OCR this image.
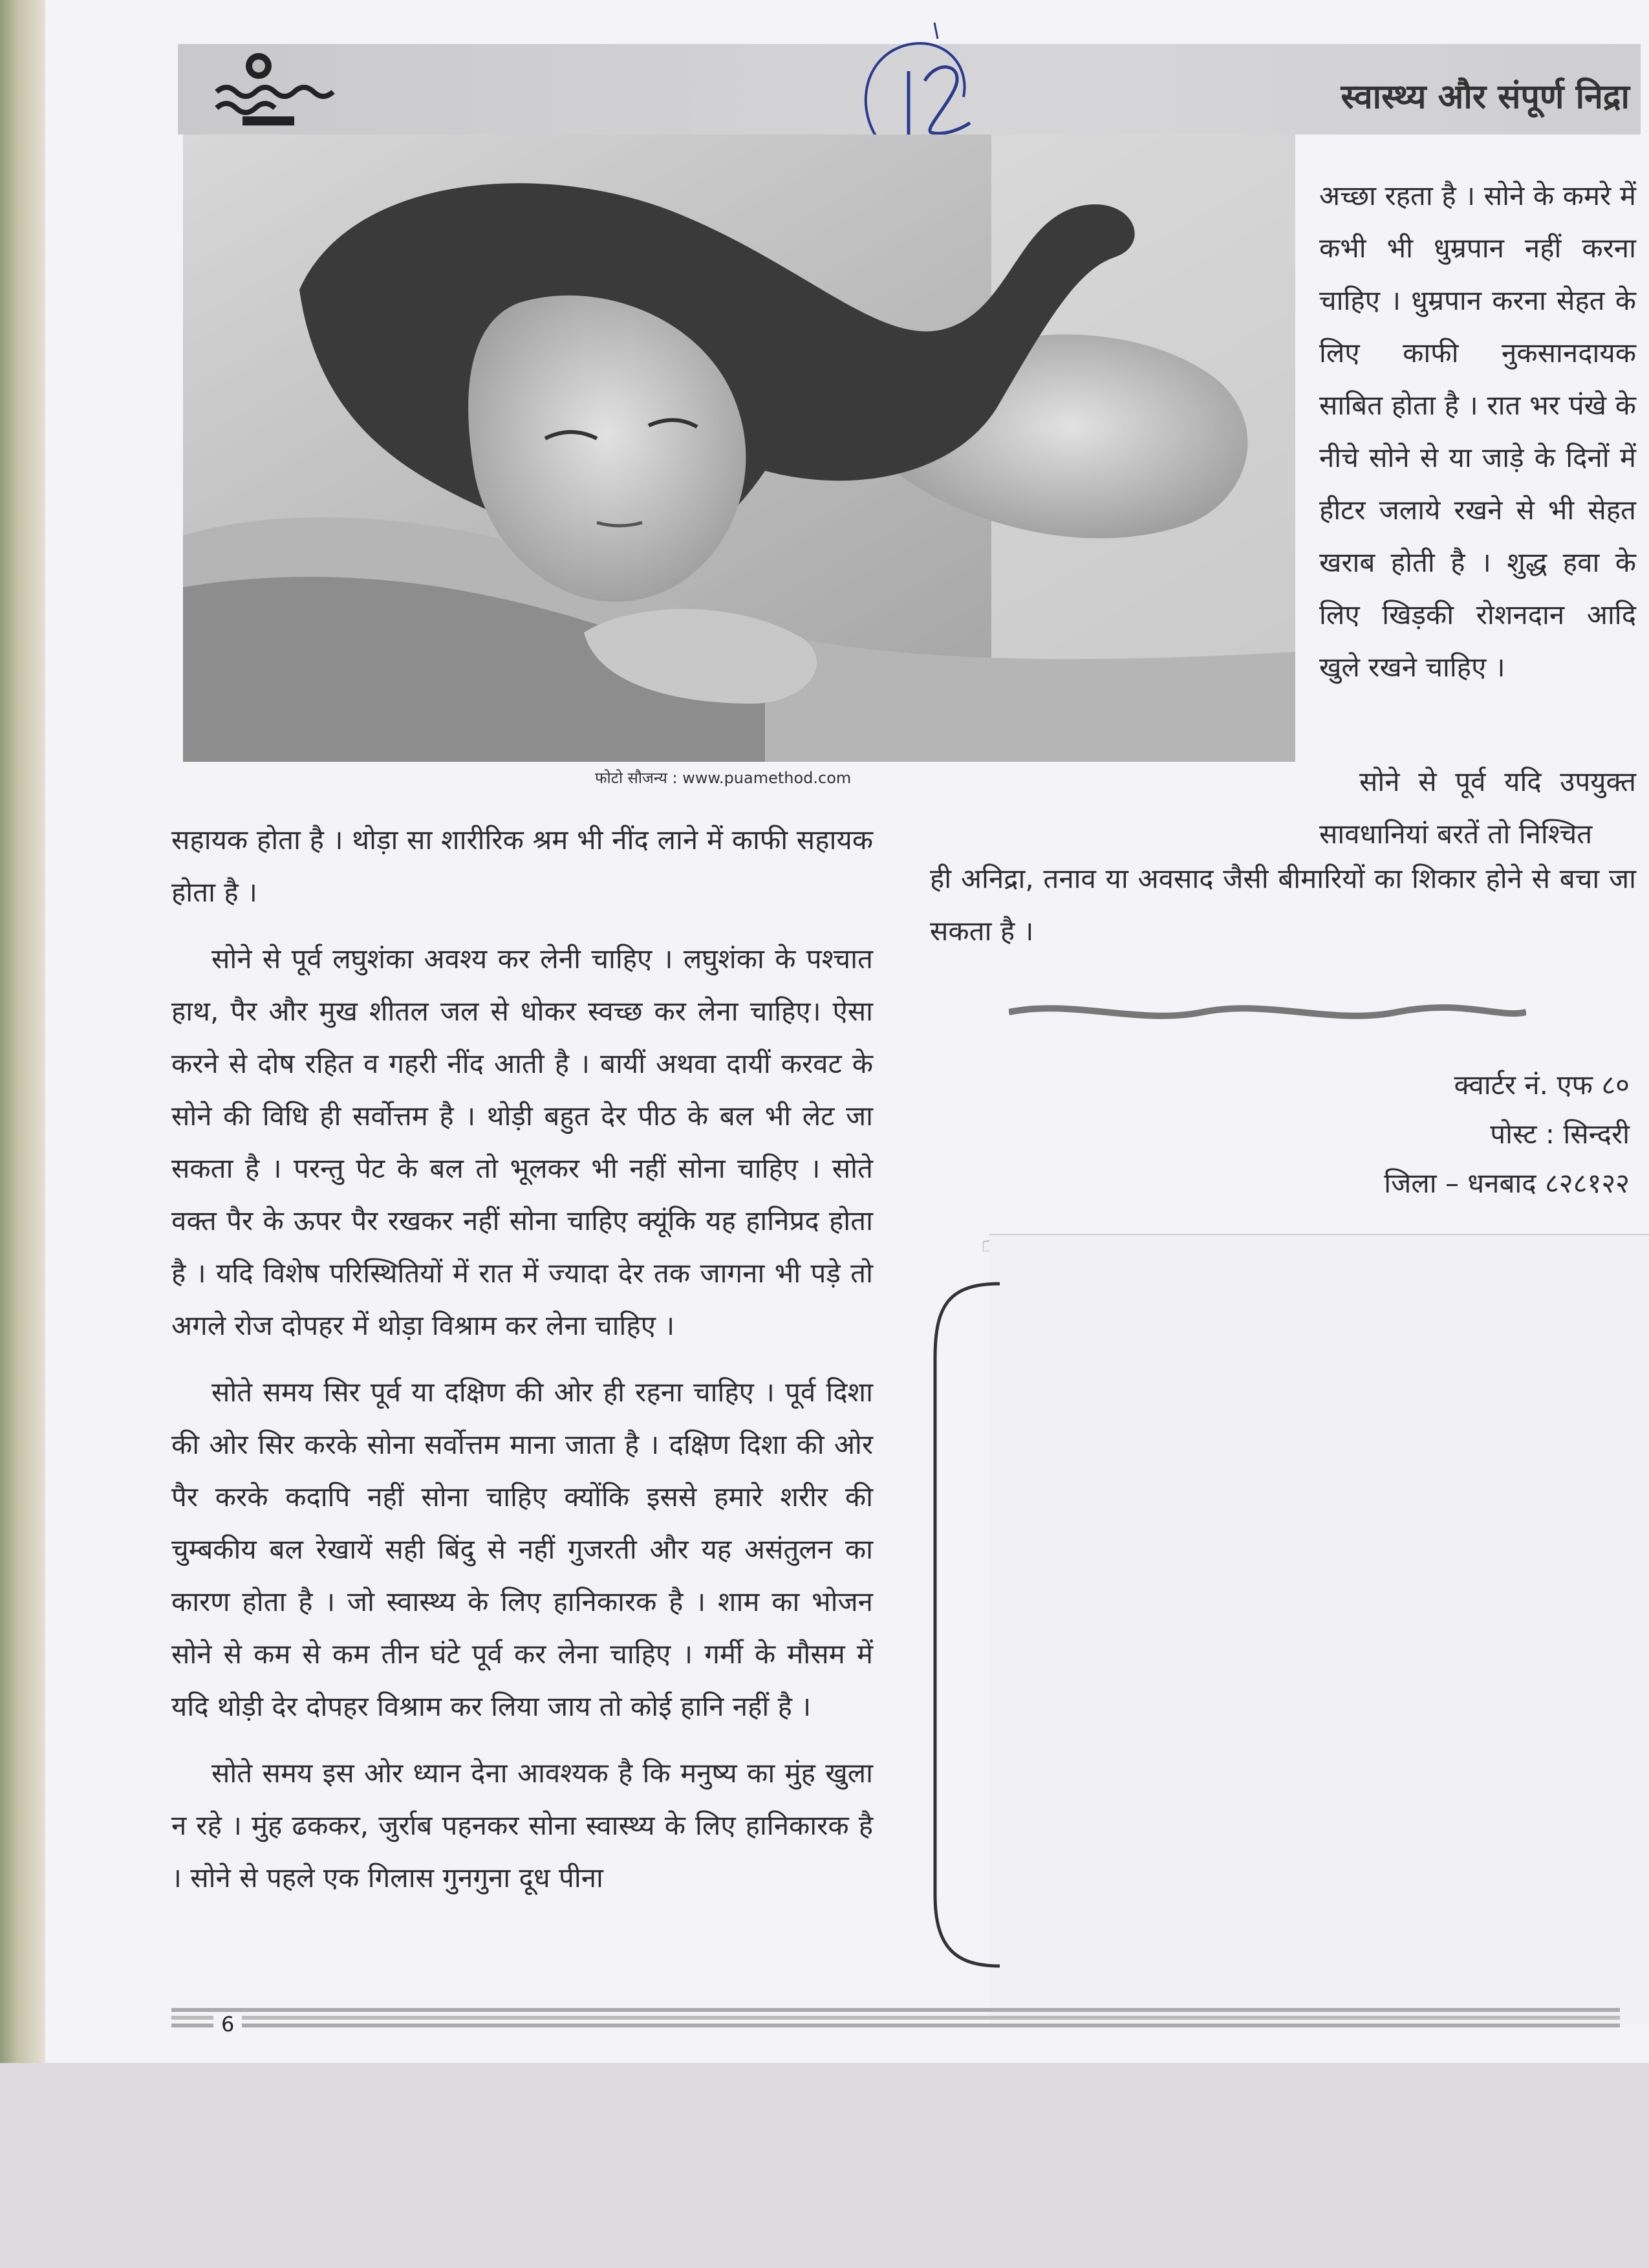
स्वास्थ्य और संपूर्ण निद्रा
फोटो सौजन्य : www.puamethod.com

अच्छा रहता है । सोने के कमरे में कभी भी धुम्रपान नहीं करना चाहिए । धुम्रपान करना सेहत के लिए काफी नुकसानदायक साबित होता है । रात भर पंखे के नीचे सोने से या जाड़े के दिनों में हीटर जलाये रखने से भी सेहत खराब होती है । शुद्ध हवा के लिए खिड़की रोशनदान आदि खुले रखने चाहिए ।

सोने से पूर्व यदि उपयुक्त सावधानियां बरतें तो निश्चित

ही अनिद्रा, तनाव या अवसाद जैसी बीमारियों का शिकार होने से बचा जा सकता है ।

सहायक होता है । थोड़ा सा शारीरिक श्रम भी नींद लाने में काफी सहायक होता है ।

सोने से पूर्व लघुशंका अवश्य कर लेनी चाहिए । लघुशंका के पश्चात हाथ, पैर और मुख शीतल जल से धोकर स्वच्छ कर लेना चाहिए। ऐसा करने से दोष रहित व गहरी नींद आती है । बायीं अथवा दायीं करवट के सोने की विधि ही सर्वोत्तम है । थोड़ी बहुत देर पीठ के बल भी लेट जा सकता है । परन्तु पेट के बल तो भूलकर भी नहीं सोना चाहिए । सोते वक्त पैर के ऊपर पैर रखकर नहीं सोना चाहिए क्यूंकि यह हानिप्रद होता है । यदि विशेष परिस्थितियों में रात में ज्यादा देर तक जागना भी पड़े तो अगले रोज दोपहर में थोड़ा विश्राम कर लेना चाहिए ।

सोते समय सिर पूर्व या दक्षिण की ओर ही रहना चाहिए । पूर्व दिशा की ओर सिर करके सोना सर्वोत्तम माना जाता है । दक्षिण दिशा की ओर पैर करके कदापि नहीं सोना चाहिए क्योंकि इससे हमारे शरीर की चुम्बकीय बल रेखायें सही बिंदु से नहीं गुजरती और यह असंतुलन का कारण होता है । जो स्वास्थ्य के लिए हानिकारक है । शाम का भोजन सोने से कम से कम तीन घंटे पूर्व कर लेना चाहिए । गर्मी के मौसम में यदि थोड़ी देर दोपहर विश्राम कर लिया जाय तो कोई हानि नहीं है ।

सोते समय इस ओर ध्यान देना आवश्यक है कि मनुष्य का मुंह खुला न रहे । मुंह ढककर, जुर्राब पहनकर सोना स्वास्थ्य के लिए हानिकारक है । सोने से पहले एक गिलास गुनगुना दूध पीना

क्वार्टर नं. एफ ८०
पोस्ट : सिन्दरी
जिला – धनबाद ८२८१२२
6
